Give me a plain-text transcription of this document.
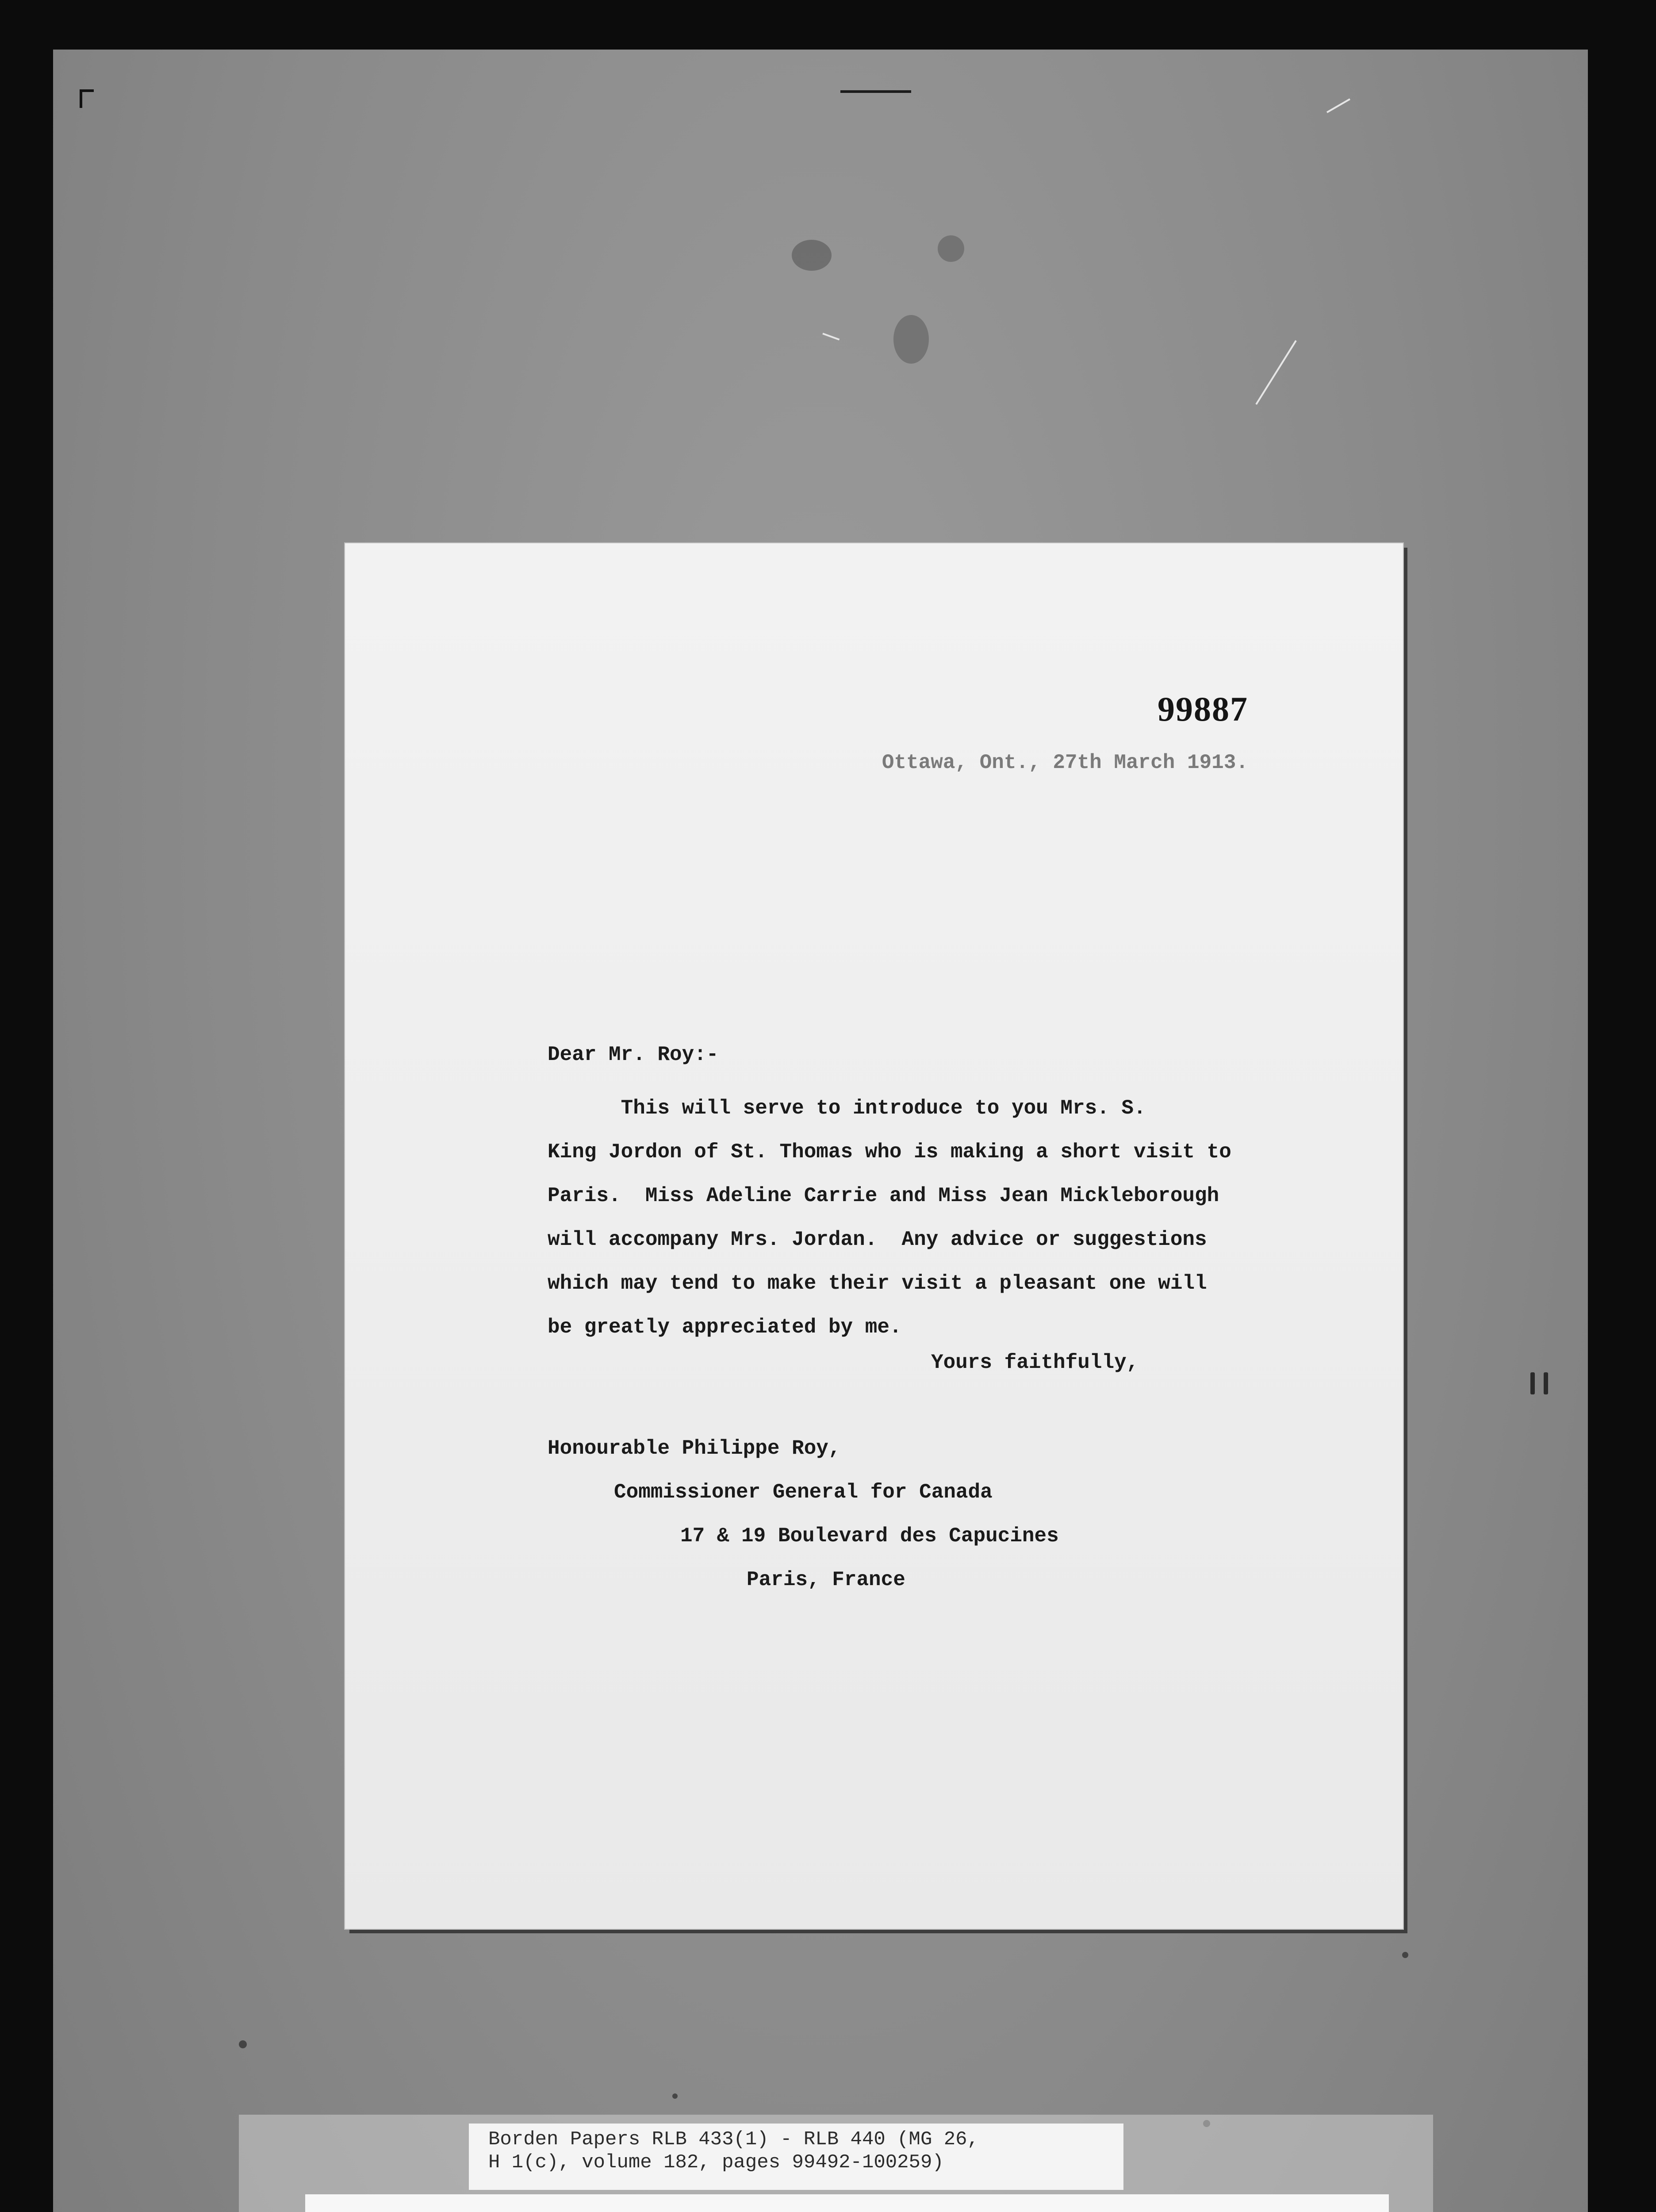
99887
Ottawa, Ont., 27th March 1913.
Dear Mr. Roy:-
This will serve to introduce to you Mrs. S.
King Jordon of St. Thomas who is making a short visit to
Paris.  Miss Adeline Carrie and Miss Jean Mickleborough
will accompany Mrs. Jordan.  Any advice or suggestions
which may tend to make their visit a pleasant one will
be greatly appreciated by me.
Yours faithfully,
Honourable Philippe Roy,
Commissioner General for Canada
17 & 19 Boulevard des Capucines
Paris, France
Borden Papers RLB 433(1) - RLB 440 (MG 26,
H 1(c), volume 182, pages 99492-100259)
